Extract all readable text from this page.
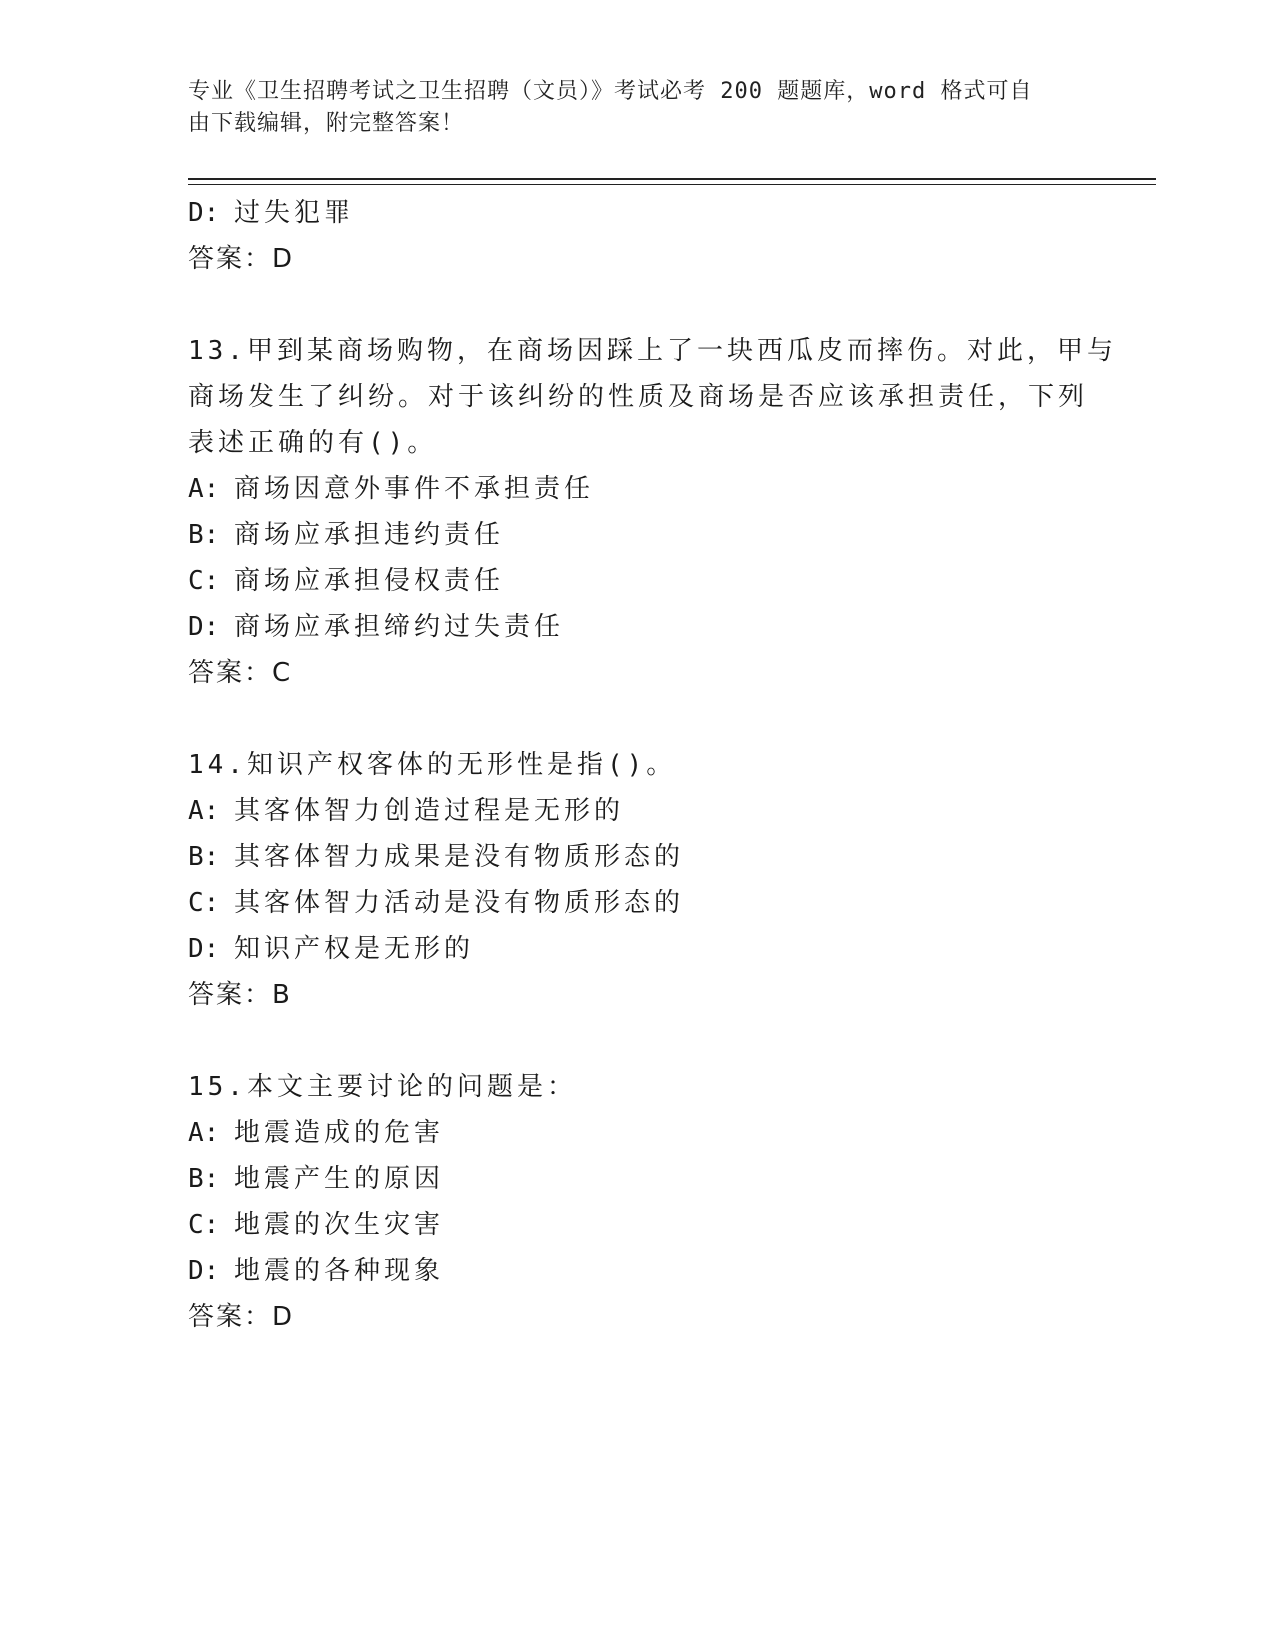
专业《卫生招聘考试之卫生招聘（文员）》考试必考 200 题题库，word 格式可自
由下载编辑，附完整答案！
D: 过失犯罪
答案：D
13.甲到某商场购物，在商场因踩上了一块西瓜皮而摔伤。对此，甲与
商场发生了纠纷。对于该纠纷的性质及商场是否应该承担责任，下列
表述正确的有()。
A: 商场因意外事件不承担责任
B: 商场应承担违约责任
C: 商场应承担侵权责任
D: 商场应承担缔约过失责任
答案：C
14.知识产权客体的无形性是指()。
A: 其客体智力创造过程是无形的
B: 其客体智力成果是没有物质形态的
C: 其客体智力活动是没有物质形态的
D: 知识产权是无形的
答案：B
15.本文主要讨论的问题是：
A: 地震造成的危害
B: 地震产生的原因
C: 地震的次生灾害
D: 地震的各种现象
答案：D
